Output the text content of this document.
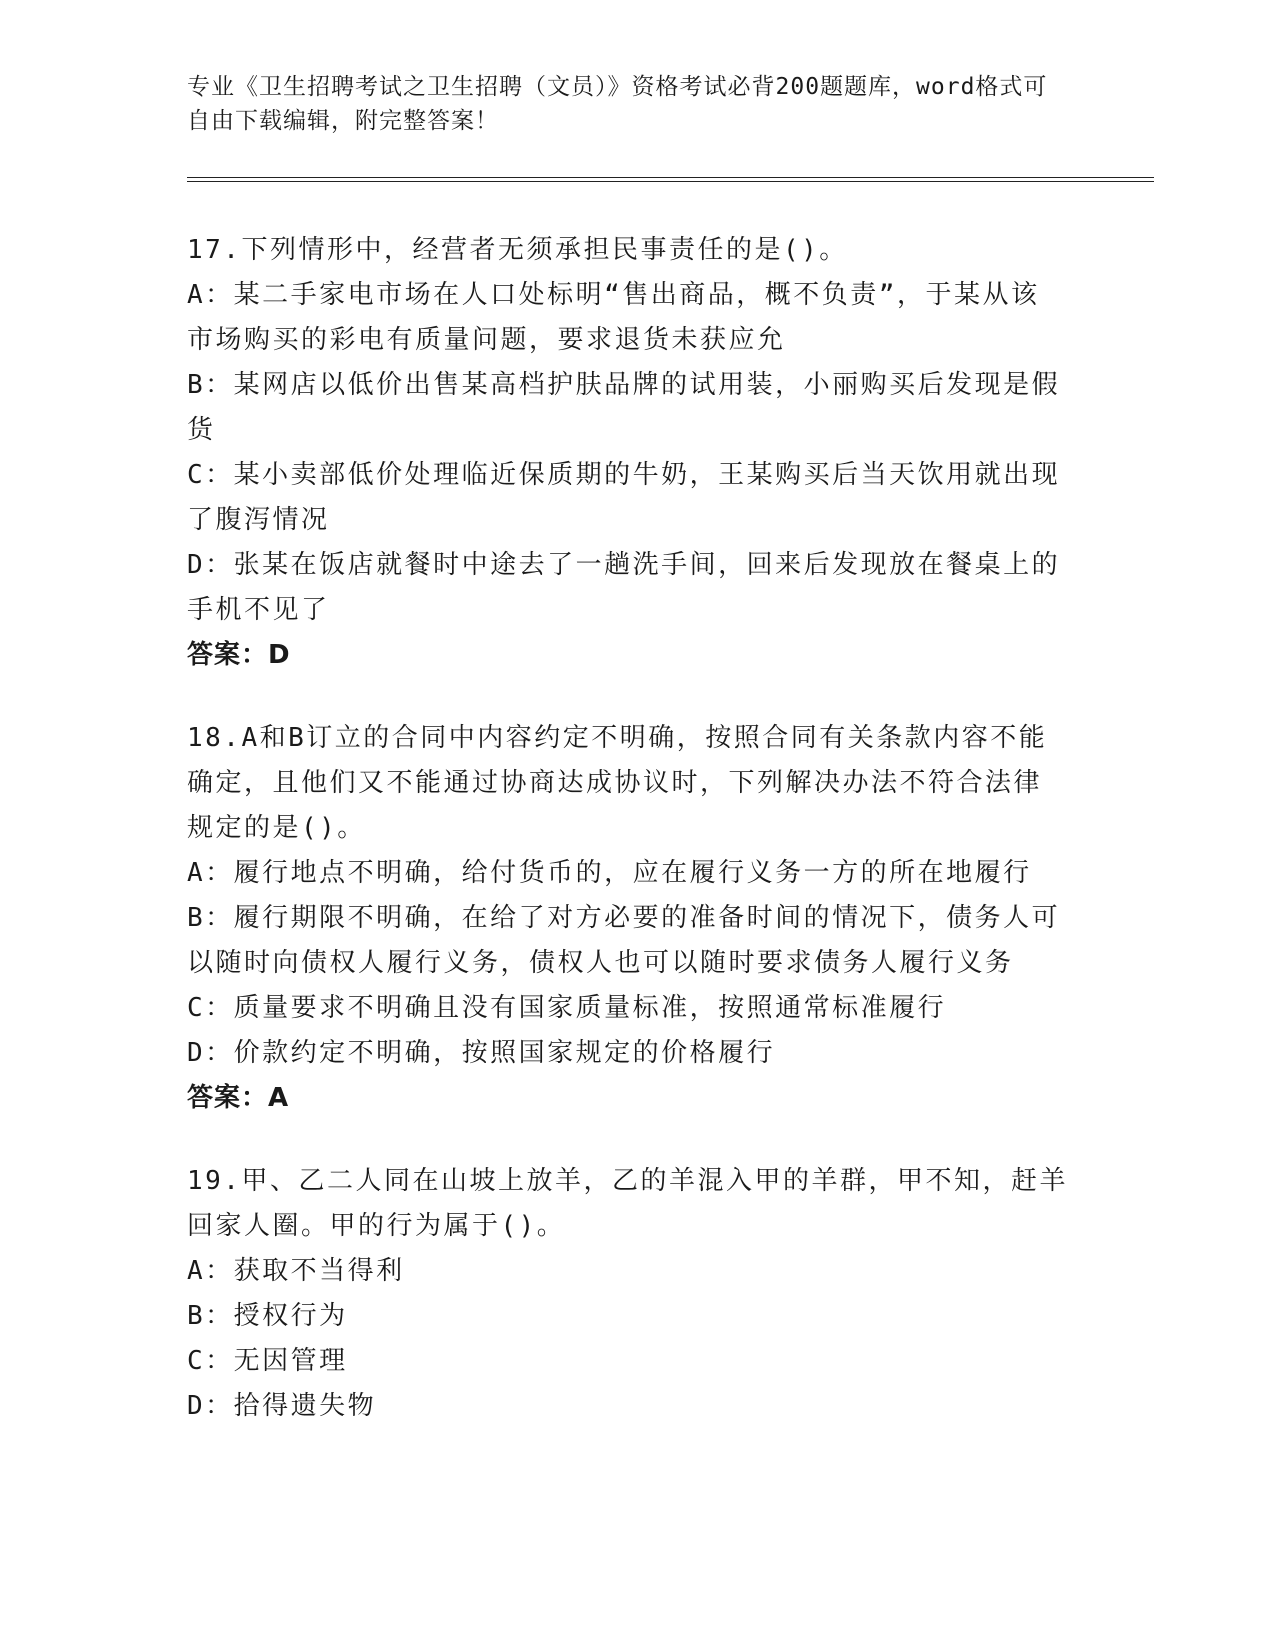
专业《卫生招聘考试之卫生招聘（文员）》资格考试必背200题题库，word格式可自由下载编辑，附完整答案！
17.下列情形中，经营者无须承担民事责任的是()。
A：某二手家电市场在人口处标明“售出商品，概不负责”，于某从该
市场购买的彩电有质量问题，要求退货未获应允
B：某网店以低价出售某高档护肤品牌的试用装，小丽购买后发现是假
货
C：某小卖部低价处理临近保质期的牛奶，王某购买后当天饮用就出现
了腹泻情况
D：张某在饭店就餐时中途去了一趟洗手间，回来后发现放在餐桌上的
手机不见了
答案：D
18.A和B订立的合同中内容约定不明确，按照合同有关条款内容不能
确定，且他们又不能通过协商达成协议时，下列解决办法不符合法律
规定的是()。
A：履行地点不明确，给付货币的，应在履行义务一方的所在地履行
B：履行期限不明确，在给了对方必要的准备时间的情况下，债务人可
以随时向债权人履行义务，债权人也可以随时要求债务人履行义务
C：质量要求不明确且没有国家质量标准，按照通常标准履行
D：价款约定不明确，按照国家规定的价格履行
答案：A
19.甲、乙二人同在山坡上放羊，乙的羊混入甲的羊群，甲不知，赶羊
回家人圈。甲的行为属于()。
A：获取不当得利
B：授权行为
C：无因管理
D：拾得遗失物
